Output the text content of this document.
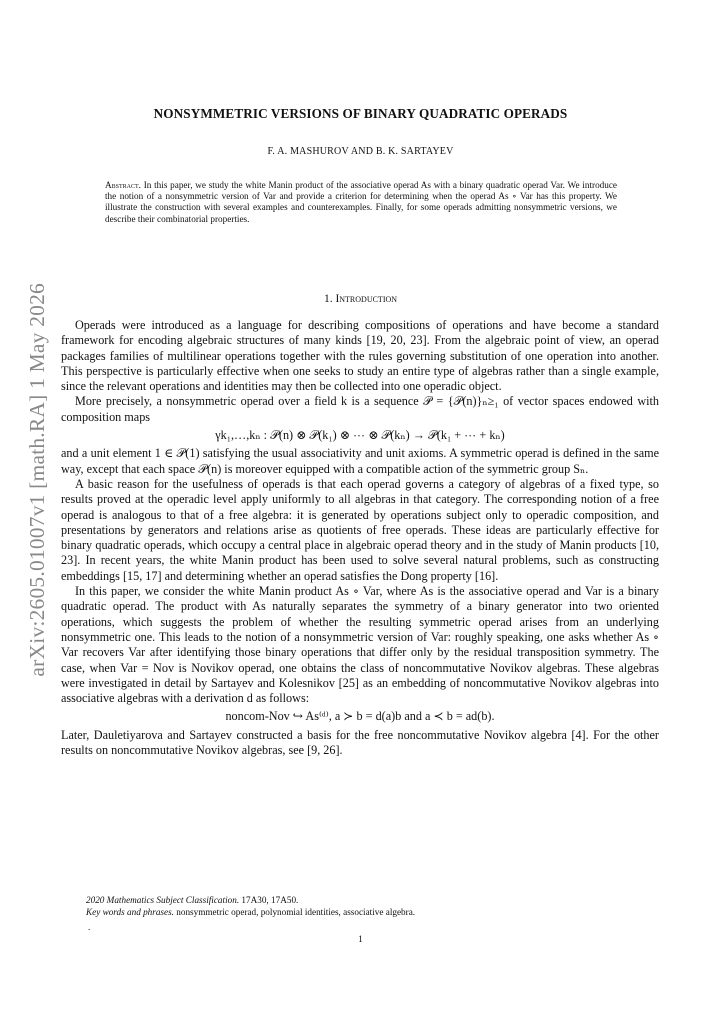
arXiv:2605.01007v1 [math.RA] 1 May 2026
NONSYMMETRIC VERSIONS OF BINARY QUADRATIC OPERADS
F. A. MASHUROV AND B. K. SARTAYEV
Abstract. In this paper, we study the white Manin product of the associative operad As with a binary quadratic operad Var. We introduce the notion of a nonsymmetric version of Var and provide a criterion for determining when the operad As ∘ Var has this property. We illustrate the construction with several examples and counterexamples. Finally, for some operads admitting nonsymmetric versions, we describe their combinatorial properties.
1. Introduction

Operads were introduced as a language for describing compositions of operations and have become a standard framework for encoding algebraic structures of many kinds [19, 20, 23]. From the algebraic point of view, an operad packages families of multilinear operations together with the rules governing substitution of one operation into another. This perspective is particularly effective when one seeks to study an entire type of algebras rather than a single example, since the relevant operations and identities may then be collected into one operadic object.

More precisely, a nonsymmetric operad over a field k is a sequence 𝒫 = {𝒫(n)}ₙ≥₁ of vector spaces endowed with composition maps

γk₁,…,kₙ : 𝒫(n) ⊗ 𝒫(k₁) ⊗ ⋯ ⊗ 𝒫(kₙ) → 𝒫(k₁ + ⋯ + kₙ)

and a unit element 1 ∈ 𝒫(1) satisfying the usual associativity and unit axioms. A symmetric operad is defined in the same way, except that each space 𝒫(n) is moreover equipped with a compatible action of the symmetric group Sₙ.

A basic reason for the usefulness of operads is that each operad governs a category of algebras of a fixed type, so results proved at the operadic level apply uniformly to all algebras in that category. The corresponding notion of a free operad is analogous to that of a free algebra: it is generated by operations subject only to operadic composition, and presentations by generators and relations arise as quotients of free operads. These ideas are particularly effective for binary quadratic operads, which occupy a central place in algebraic operad theory and in the study of Manin products [10, 23]. In recent years, the white Manin product has been used to solve several natural problems, such as constructing embeddings [15, 17] and determining whether an operad satisfies the Dong property [16].

In this paper, we consider the white Manin product As ∘ Var, where As is the associative operad and Var is a binary quadratic operad. The product with As naturally separates the symmetry of a binary generator into two oriented operations, which suggests the problem of whether the resulting symmetric operad arises from an underlying nonsymmetric one. This leads to the notion of a nonsymmetric version of Var: roughly speaking, one asks whether As ∘ Var recovers Var after identifying those binary operations that differ only by the residual transposition symmetry. The case, when Var = Nov is Novikov operad, one obtains the class of noncommutative Novikov algebras. These algebras were investigated in detail by Sartayev and Kolesnikov [25] as an embedding of noncommutative Novikov algebras into associative algebras with a derivation d as follows:

noncom-Nov ↪ As⁽ᵈ⁾, a ≻ b = d(a)b and a ≺ b = ad(b).

Later, Dauletiyarova and Sartayev constructed a basis for the free noncommutative Novikov algebra [4]. For the other results on noncommutative Novikov algebras, see [9, 26].

2020 Mathematics Subject Classification. 17A30, 17A50.
Key words and phrases. nonsymmetric operad, polynomial identities, associative algebra.
.
1
